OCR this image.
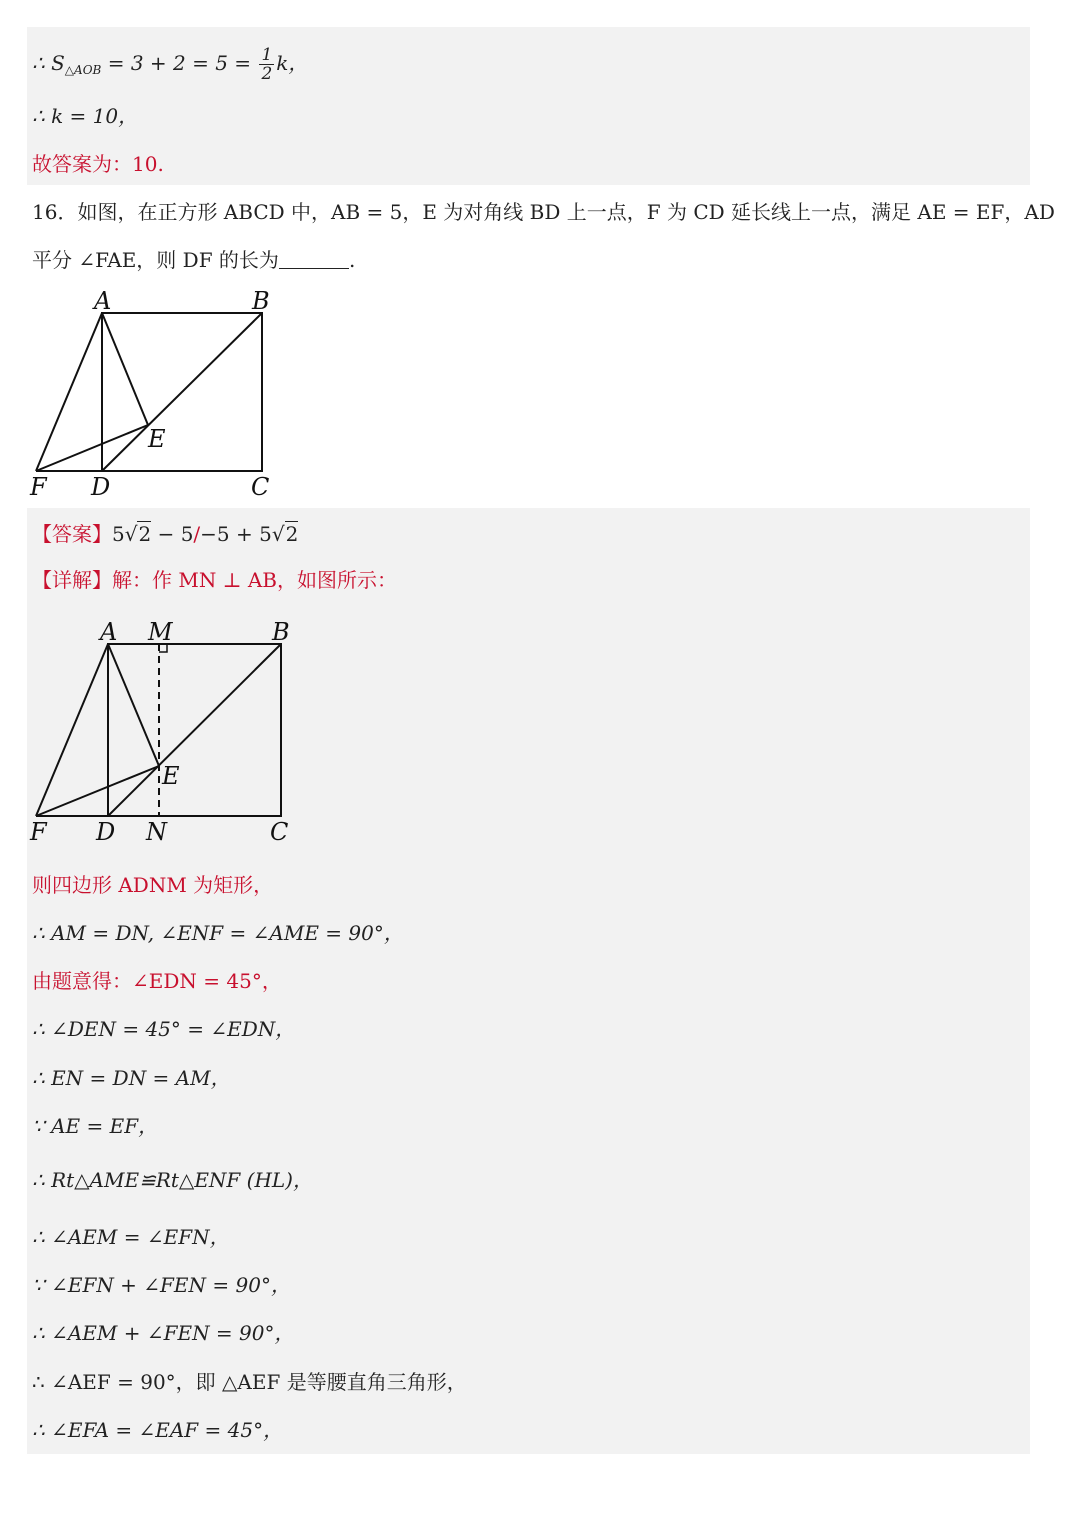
∴ $S_{\triangle AOB} = 3 + 2 = 5 = \frac{1}{2}$ k，
∴ k = 10，
故答案为：10.
16．如图，在正方形 ABCD 中，AB = 5，E 为对角线 BD 上一点，F 为 CD 延长线上一点，满足 AE = EF，AD
平分 ∠FAE，则 DF 的长为	.
A	B
E
F D	C
【答案】5√2 − 5/−5 + 5√2
【详解】解：作 MN ⊥ AB，如图所示：
A M	B
E
F D N	C
则四边形 ADNM 为矩形，
∴ AM = DN, ∠ENF = ∠AME = 90°，
由题意得：∠EDN = 45°，
∴ ∠DEN = 45° = ∠EDN，
∴ EN = DN = AM，
∵ AE = EF，
∴ Rt△AME≌Rt△ENF (HL)，
∴ ∠AEM = ∠EFN，
∵ ∠EFN + ∠FEN = 90°，
∴ ∠AEM + ∠FEN = 90°，
∴ ∠AEF = 90°，即 △AEF 是等腰直角三角形，
∴ ∠EFA = ∠EAF = 45°，
